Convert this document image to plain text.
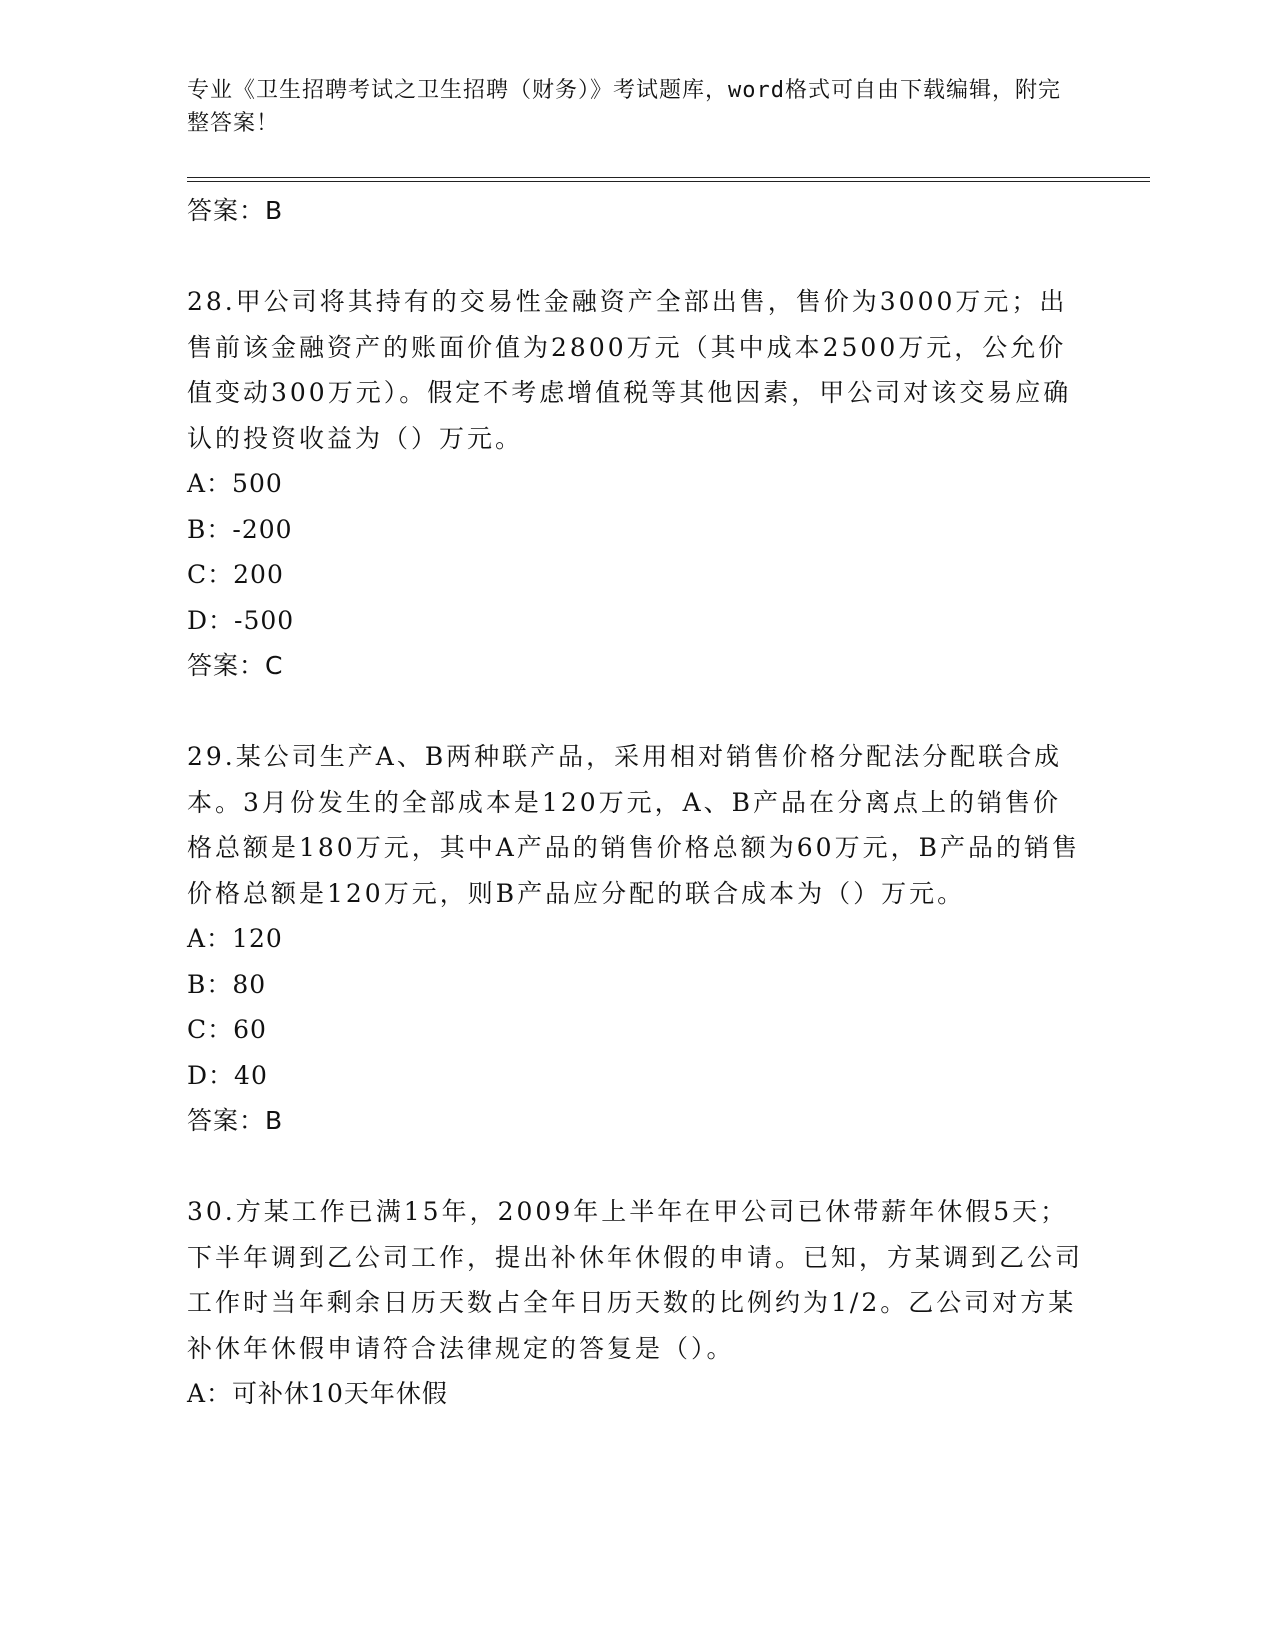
专业《卫生招聘考试之卫生招聘（财务）》考试题库，word格式可自由下载编辑，附完整答案！
答案：B
28.甲公司将其持有的交易性金融资产全部出售，售价为3000万元；出售前该金融资产的账面价值为2800万元（其中成本2500万元，公允价值变动300万元）。假定不考虑增值税等其他因素，甲公司对该交易应确认的投资收益为（）万元。
A：500
B：-200
C：200
D：-500
答案：C
29.某公司生产A、B两种联产品，采用相对销售价格分配法分配联合成本。3月份发生的全部成本是120万元，A、B产品在分离点上的销售价格总额是180万元，其中A产品的销售价格总额为60万元，B产品的销售价格总额是120万元，则B产品应分配的联合成本为（）万元。
A：120
B：80
C：60
D：40
答案：B
30.方某工作已满15年，2009年上半年在甲公司已休带薪年休假5天；下半年调到乙公司工作，提出补休年休假的申请。已知，方某调到乙公司工作时当年剩余日历天数占全年日历天数的比例约为1/2。乙公司对方某补休年休假申请符合法律规定的答复是（）。
A：可补休10天年休假
